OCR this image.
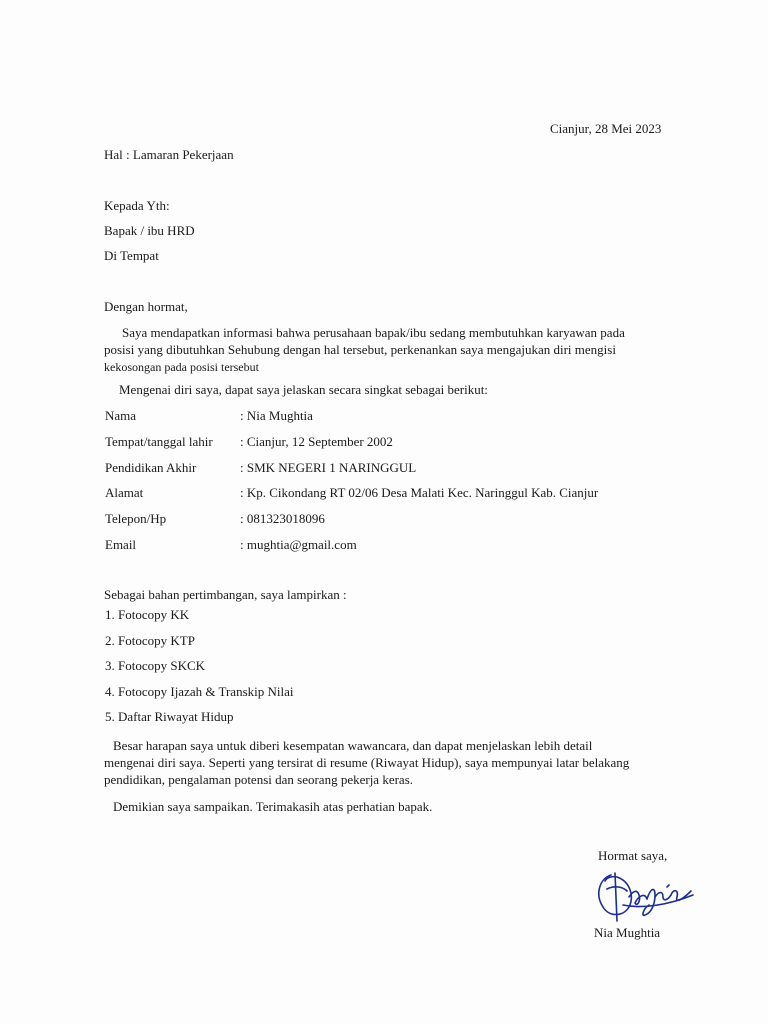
Cianjur, 28 Mei 2023

Hal : Lamaran Pekerjaan

Kepada Yth:

Bapak / ibu HRD

Di Tempat

Dengan hormat,

Saya mendapatkan informasi bahwa perusahaan bapak/ibu sedang membutuhkan karyawan pada

posisi yang dibutuhkan Sehubung dengan hal tersebut, perkenankan saya mengajukan diri mengisi

kekosongan pada posisi tersebut

Mengenai diri saya, dapat saya jelaskan secara singkat sebagai berikut:

Nama	: Nia Mughtia
Tempat/tanggal lahir : Cianjur, 12 September 2002
Pendidikan Akhir	: SMK NEGERI 1 NARINGGUL
Alamat	: Kp. Cikondang RT 02/06 Desa Malati Kec. Naringgul Kab. Cianjur
Telepon/Hp	: 081323018096
Email	: mughtia@gmail.com

Sebagai bahan pertimbangan, saya lampirkan :

1. Fotocopy KK
2. Fotocopy KTP
3. Fotocopy SKCK
4. Fotocopy Ijazah & Transkip Nilai
5. Daftar Riwayat Hidup

Besar harapan saya untuk diberi kesempatan wawancara, dan dapat menjelaskan lebih detail

mengenai diri saya. Seperti yang tersirat di resume (Riwayat Hidup), saya mempunyai latar belakang

pendidikan, pengalaman potensi dan seorang pekerja keras.

Demikian saya sampaikan. Terimakasih atas perhatian bapak.

Hormat saya,

Nia Mughtia
